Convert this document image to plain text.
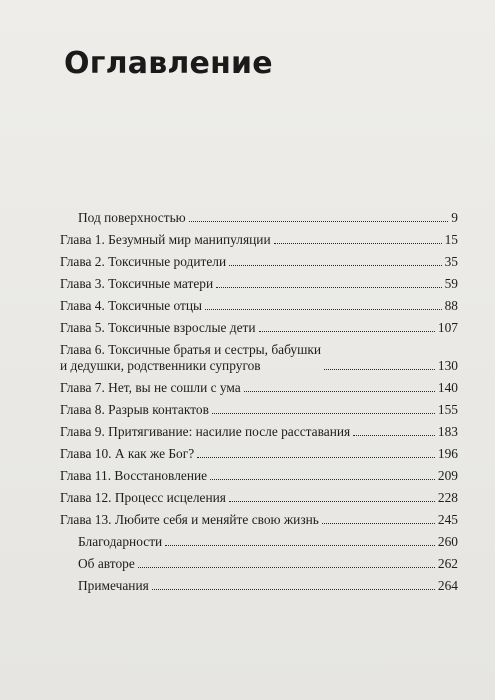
Оглавление
Под поверхностью	9
Глава 1. Безумный мир манипуляции	15
Глава 2. Токсичные родители	35
Глава 3. Токсичные матери	59
Глава 4. Токсичные отцы	88
Глава 5. Токсичные взрослые дети	107
Глава 6. Токсичные братья и сестры, бабушки
и дедушки, родственники супругов	130
Глава 7. Нет, вы не сошли с ума	140
Глава 8. Разрыв контактов	155
Глава 9. Притягивание: насилие после расставания	183
Глава 10. А как же Бог?	196
Глава 11. Восстановление	209
Глава 12. Процесс исцеления	228
Глава 13. Любите себя и меняйте свою жизнь	245
Благодарности	260
Об авторе	262
Примечания	264
